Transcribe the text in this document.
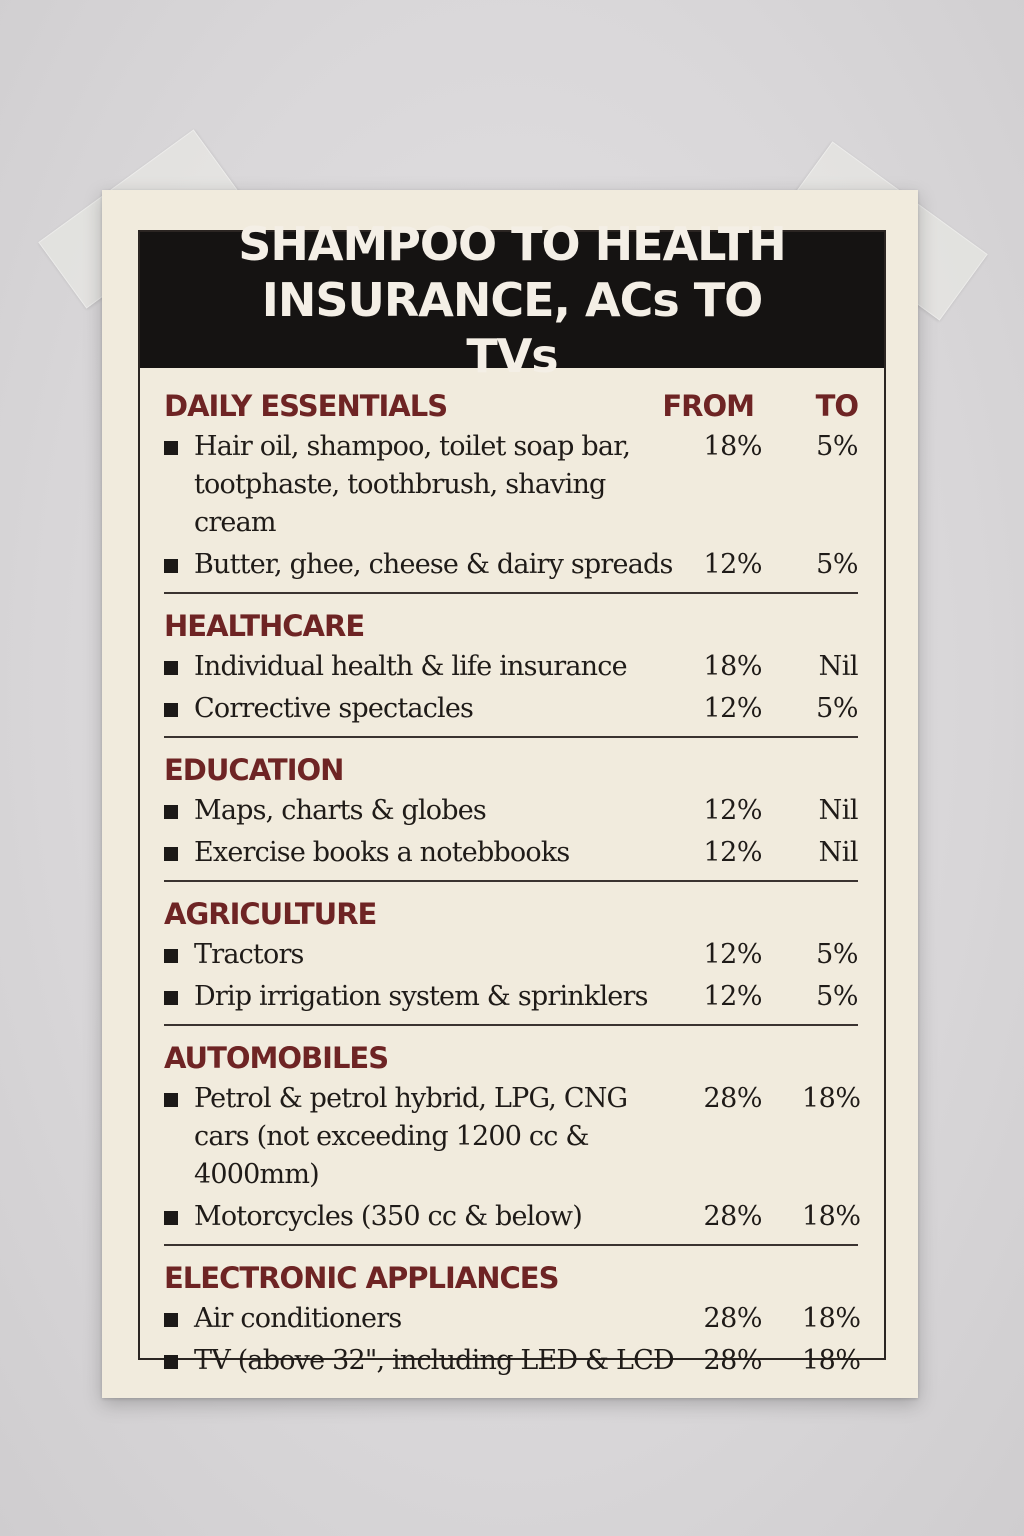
SHAMPOO TO HEALTH INSURANCE, ACs TO TVs
DAILY ESSENTIALS	FROM	TO
Hair oil, shampoo, toilet soap bar, tootphaste, toothbrush, shaving cream
18%	5%
Butter, ghee, cheese & dairy spreads	12%	5%
HEALTHCARE
Individual health & life insurance	18%	Nil
Corrective spectacles	12%	5%
EDUCATION
Maps, charts & globes	12%	Nil
Exercise books a notebbooks	12%	Nil
AGRICULTURE
Tractors	12%	5%
Drip irrigation system & sprinklers	12%	5%
AUTOMOBILES
Petrol & petrol hybrid, LPG, CNG cars (not exceeding 1200 cc & 4000mm)
28% 18%
Motorcycles (350 cc & below)	28% 18%
ELECTRONIC APPLIANCES
Air conditioners	28% 18%
TV (above 32", including LED & LCD	28% 18%
